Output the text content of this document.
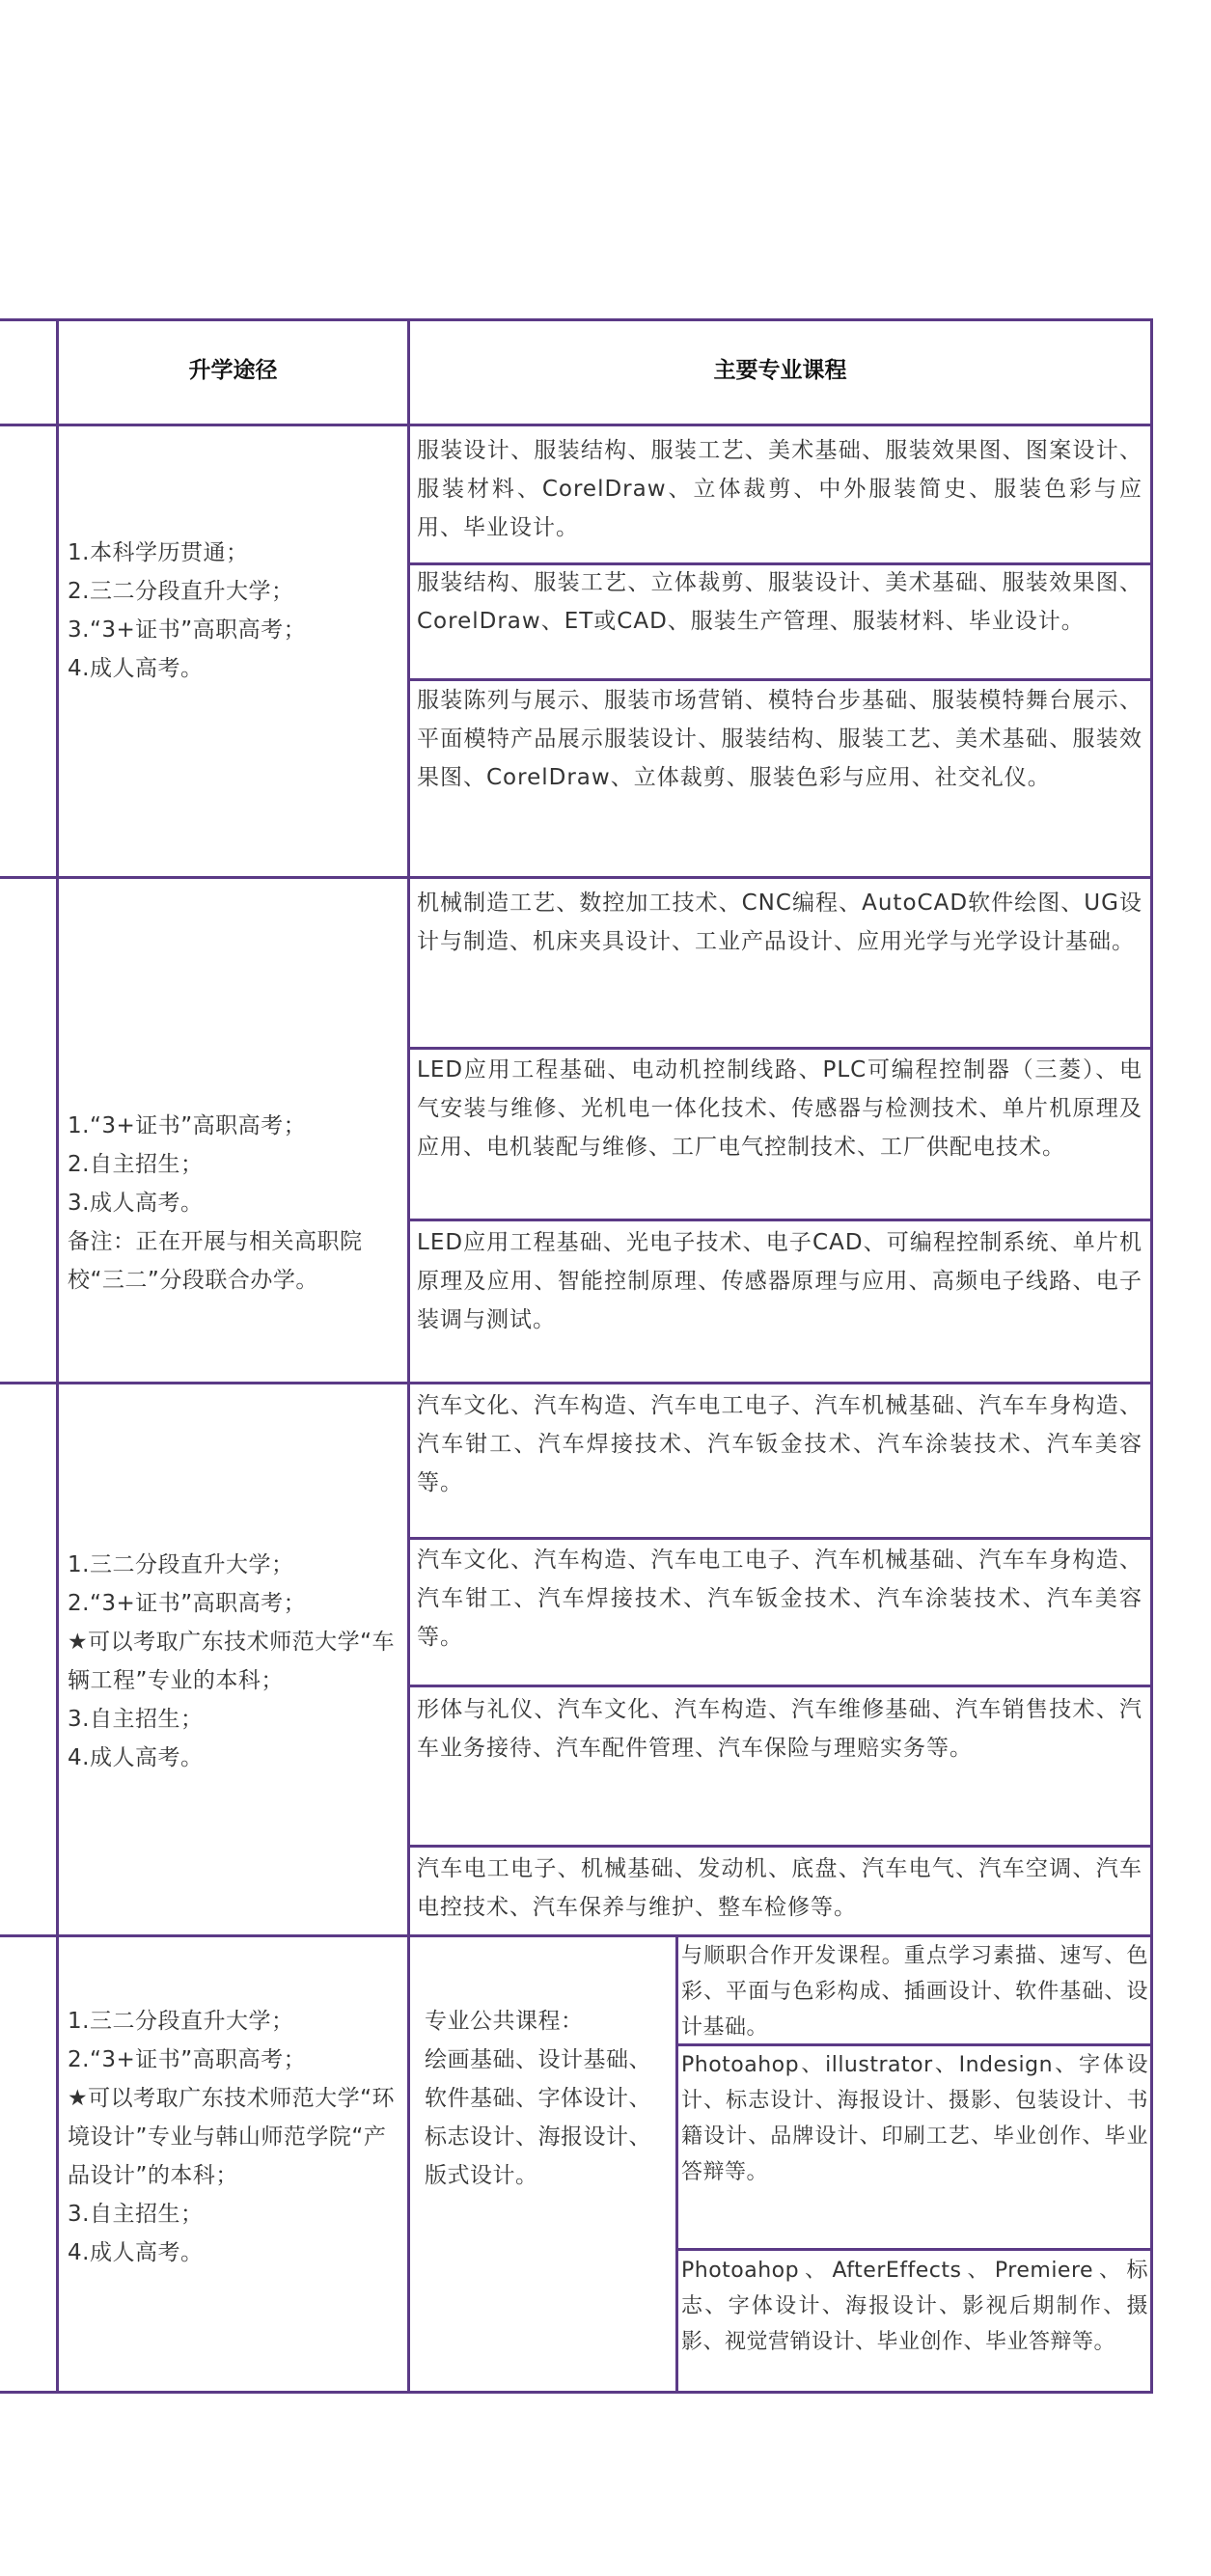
升学途径	主要专业课程
1.本科学历贯通；
2.三二分段直升大学；
3.“3+证书”高职高考；
4.成人高考。
服装设计、服装结构、服装工艺、美术基础、服装效果图、图案设计、服装材料、CorelDraw、立体裁剪、中外服装简史、服装色彩与应用、毕业设计。
服装结构、服装工艺、立体裁剪、服装设计、美术基础、服装效果图、CorelDraw、ET或CAD、服装生产管理、服装材料、毕业设计。
服装陈列与展示、服装市场营销、模特台步基础、服装模特舞台展示、平面模特产品展示服装设计、服装结构、服装工艺、美术基础、服装效果图、CorelDraw、立体裁剪、服装色彩与应用、社交礼仪。
1.“3+证书”高职高考；
2.自主招生；
3.成人高考。
备注：正在开展与相关高职院校“三二”分段联合办学。
机械制造工艺、数控加工技术、CNC编程、AutoCAD软件绘图、UG设计与制造、机床夹具设计、工业产品设计、应用光学与光学设计基础。
LED应用工程基础、电动机控制线路、PLC可编程控制器（三菱）、电气安装与维修、光机电一体化技术、传感器与检测技术、单片机原理及应用、电机装配与维修、工厂电气控制技术、工厂供配电技术。
LED应用工程基础、光电子技术、电子CAD、可编程控制系统、单片机原理及应用、智能控制原理、传感器原理与应用、高频电子线路、电子装调与测试。
1.三二分段直升大学；
2.“3+证书”高职高考；
★可以考取广东技术师范大学“车辆工程”专业的本科；
3.自主招生；
4.成人高考。
汽车文化、汽车构造、汽车电工电子、汽车机械基础、汽车车身构造、汽车钳工、汽车焊接技术、汽车钣金技术、汽车涂装技术、汽车美容等。
汽车文化、汽车构造、汽车电工电子、汽车机械基础、汽车车身构造、汽车钳工、汽车焊接技术、汽车钣金技术、汽车涂装技术、汽车美容等。
形体与礼仪、汽车文化、汽车构造、汽车维修基础、汽车销售技术、汽车业务接待、汽车配件管理、汽车保险与理赔实务等。
汽车电工电子、机械基础、发动机、底盘、汽车电气、汽车空调、汽车电控技术、汽车保养与维护、整车检修等。
1.三二分段直升大学；
2.“3+证书”高职高考；
★可以考取广东技术师范大学“环境设计”专业与韩山师范学院“产品设计”的本科；
3.自主招生；
4.成人高考。
专业公共课程：
绘画基础、设计基础、软件基础、字体设计、标志设计、海报设计、版式设计。
与顺职合作开发课程。重点学习素描、速写、色彩、平面与色彩构成、插画设计、软件基础、设计基础。
Photoahop、illustrator、Indesign、字体设计、标志设计、海报设计、摄影、包装设计、书籍设计、品牌设计、印刷工艺、毕业创作、毕业答辩等。
Photoahop、AfterEffects、Premiere、标志、字体设计、海报设计、影视后期制作、摄影、视觉营销设计、毕业创作、毕业答辩等。
